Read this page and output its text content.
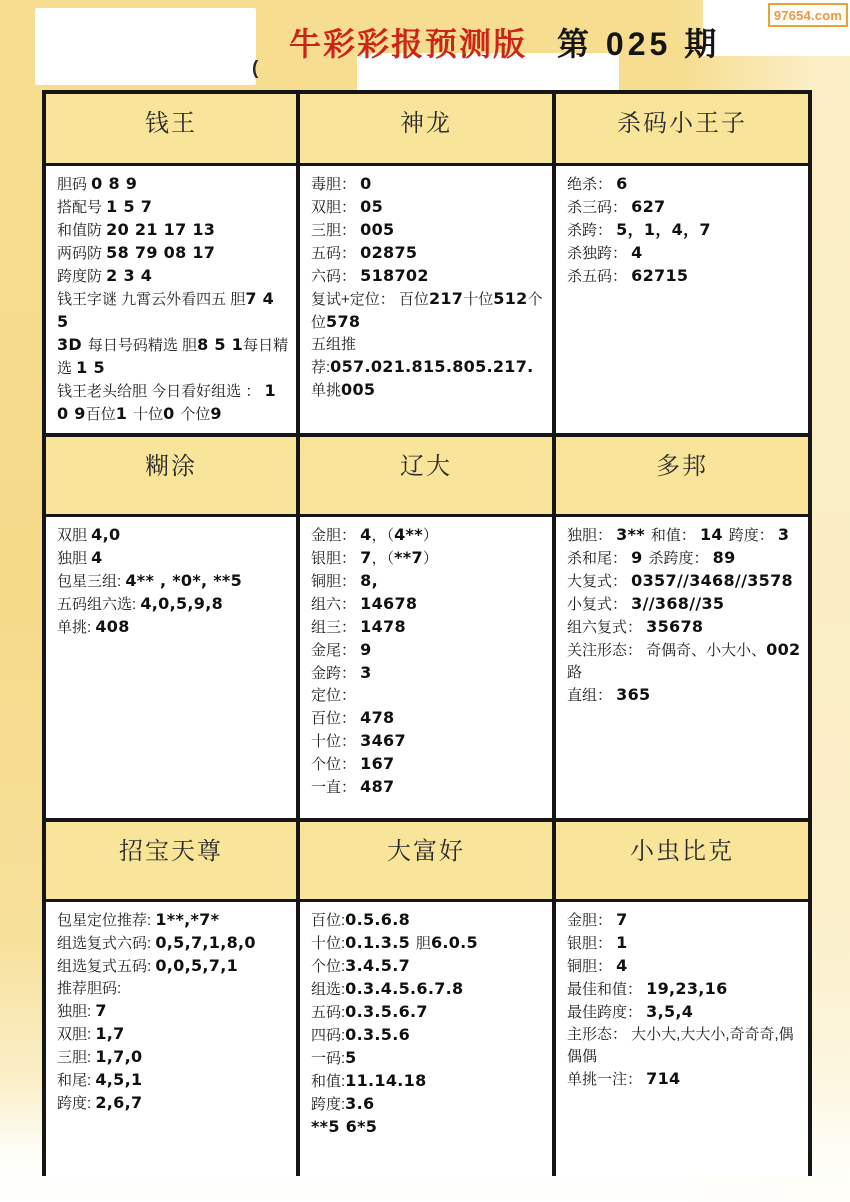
(
牛彩彩报预测版 第 025 期
97654.com
钱王

胆码 0 8 9

搭配号 1 5 7

和值防 20 21 17 13

两码防 58 79 08 17

跨度防 2 3 4

钱王字谜 九霄云外看四五 胆7 4 5

3D 每日号码精选 胆8 5 1每日精选 1 5

钱王老头给胆 今日看好组选 ： 1 0 9百位1 十位0 个位9

神龙

毒胆： 0

双胆： 05

三胆： 005

五码： 02875

六码： 518702

复试+定位： 百位217十位512个位578

五组推荐:057.021.815.805.217.

单挑005

杀码小王子

绝杀： 6

杀三码： 627

杀跨： 5，1，4，7

杀独跨： 4

杀五码： 62715

糊涂

双胆 4,0

独胆 4

包星三组: 4** , *0*, **5

五码组六选: 4,0,5,9,8

单挑: 408

辽大

金胆： 4，（4**）

银胆： 7，（**7）

铜胆： 8,

组六： 14678

组三： 1478

金尾： 9

金跨： 3

定位：

百位： 478

十位： 3467

个位： 167

一直： 487

多邦

独胆： 3** 和值： 14 跨度： 3 杀和尾： 9 杀跨度： 89

大复式： 0357//3468//3578

小复式： 3//368//35

组六复式： 35678

关注形态： 奇偶奇、小大小、002路

直组： 365

招宝天尊

包星定位推荐: 1**,*7*

组选复式六码: 0,5,7,1,8,0

组选复式五码: 0,0,5,7,1

推荐胆码:

独胆: 7

双胆: 1,7

三胆: 1,7,0

和尾: 4,5,1

跨度: 2,6,7

大富好

百位:0.5.6.8

十位:0.1.3.5 胆6.0.5

个位:3.4.5.7

组选:0.3.4.5.6.7.8

五码:0.3.5.6.7

四码:0.3.5.6

一码:5

和值:11.14.18

跨度:3.6

**5 6*5

小虫比克

金胆： 7

银胆： 1

铜胆： 4

最佳和值： 19,23,16

最佳跨度： 3,5,4

主形态： 大小大,大大小,奇奇奇,偶偶偶

单挑一注： 714
